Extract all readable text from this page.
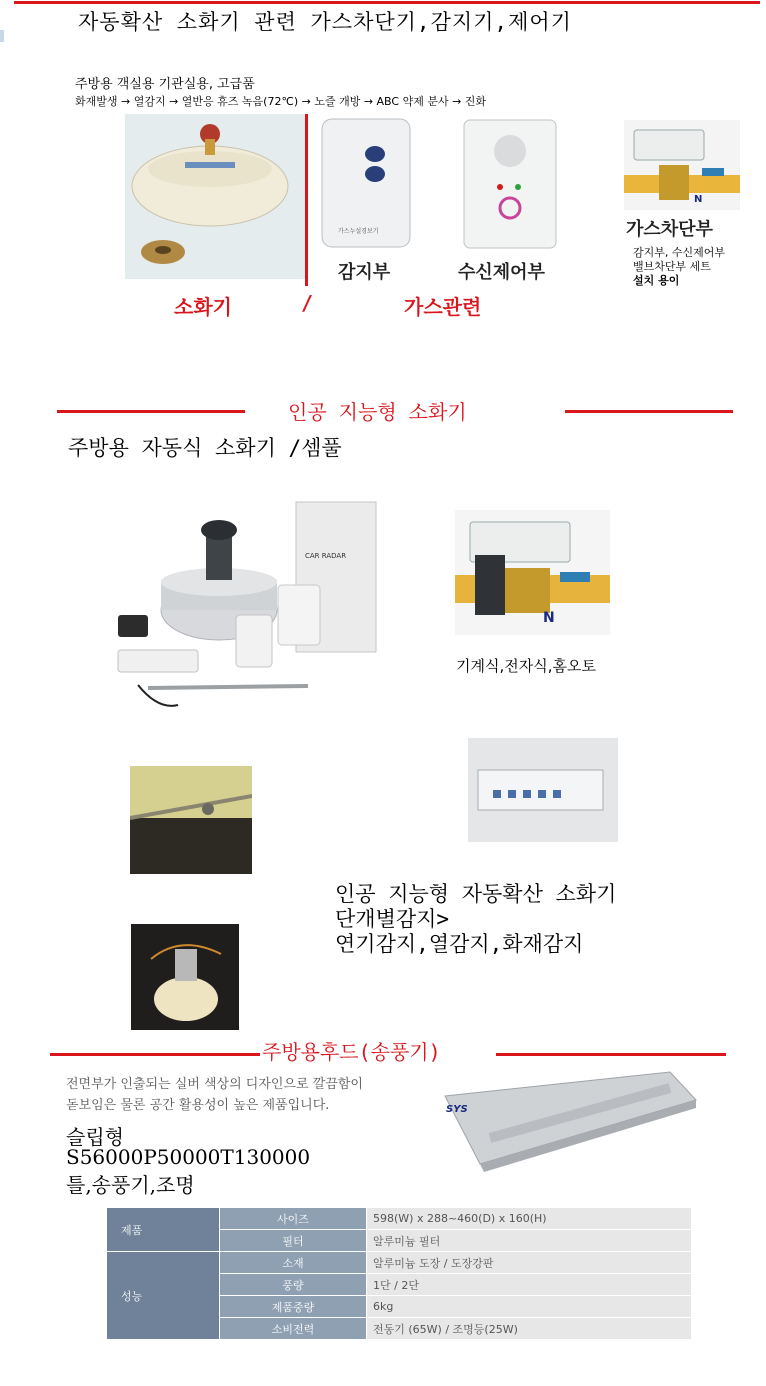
자동확산 소화기 관련 가스차단기,감지기,제어기
주방용 객실용 기관실용, 고급품
화재발생 → 열감지 → 열반응 휴즈 녹음(72℃) → 노즐 개방 → ABC 약제 분사 → 진화
가스누설경보기
감지부	수신제어부
N
가스차단부
감지부, 수신제어부
밸브차단부 세트
설치 용이
소화기	/	가스관련
인공 지능형 소화기
주방용 자동식 소화기 /셈풀
CAR RADAR
N
기계식,전자식,홈오토
인공 지능형 자동확산 소화기
단개별감지>
연기감지,열감지,화재감지
주방용후드(송풍기)
전면부가 인출되는 실버 색상의 디자인으로 깔끔함이
돋보임은 물론 공간 활용성이 높은 제품입니다.
슬립형
S56000P50000T130000
틀,송풍기,조명
SYS
제품	사이즈	598(W) x 288~460(D) x 160(H)
	필터	알루미늄 필터
성능	소재	알루미늄 도장 / 도장강판
	풍량	1단 / 2단
	제품중량	6kg
	소비전력	전동기 (65W) / 조명등(25W)
